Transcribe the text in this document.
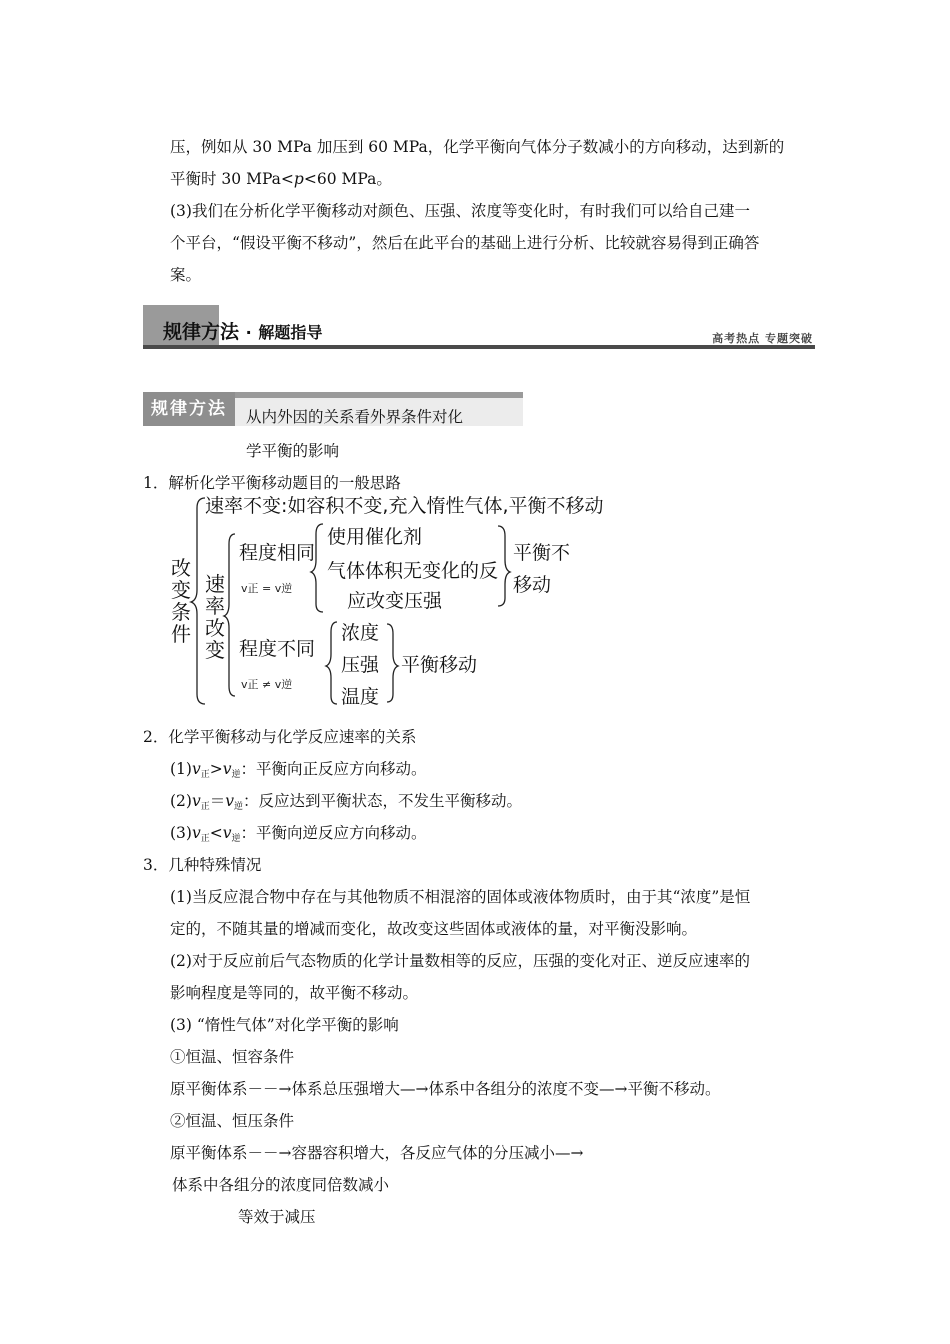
压，例如从 30 MPa 加压到 60 MPa，化学平衡向气体分子数减小的方向移动，达到新的
平衡时 30 MPa<p<60 MPa。
(3)我们在分析化学平衡移动对颜色、压强、浓度等变化时，有时我们可以给自己建一
个平台，“假设平衡不移动”，然后在此平台的基础上进行分析、比较就容易得到正确答
案。
规律方法 · 解题指导	高考热点 专题突破
规律方法	从内外因的关系看外界条件对化
学平衡的影响
1．解析化学平衡移动题目的一般思路
改
变
条
件
速率不变:如容积不变,充入惰性气体,平衡不移动
速
率
改
变
程度相同
v正 = v逆
使用催化剂
气体体积无变化的反
应改变压强
平衡不
移动
程度不同
v正 ≠ v逆
浓度
压强
温度
平衡移动
2．化学平衡移动与化学反应速率的关系
$(1)v_正>v_逆$：平衡向正反应方向移动。
$(2)v_正=v_逆$：反应达到平衡状态，不发生平衡移动。
$(3)v_正<v_逆$：平衡向逆反应方向移动。
3．几种特殊情况
(1)当反应混合物中存在与其他物质不相混溶的固体或液体物质时，由于其“浓度”是恒
定的，不随其量的增减而变化，故改变这些固体或液体的量，对平衡没影响。
(2)对于反应前后气态物质的化学计量数相等的反应，压强的变化对正、逆反应速率的
影响程度是等同的，故平衡不移动。
(3) “惰性气体”对化学平衡的影响
①恒温、恒容条件
原平衡体系－－→体系总压强增大—→体系中各组分的浓度不变—→平衡不移动。
②恒温、恒压条件
原平衡体系－－→容器容积增大，各反应气体的分压减小—→
体系中各组分的浓度同倍数减小
等效于减压
